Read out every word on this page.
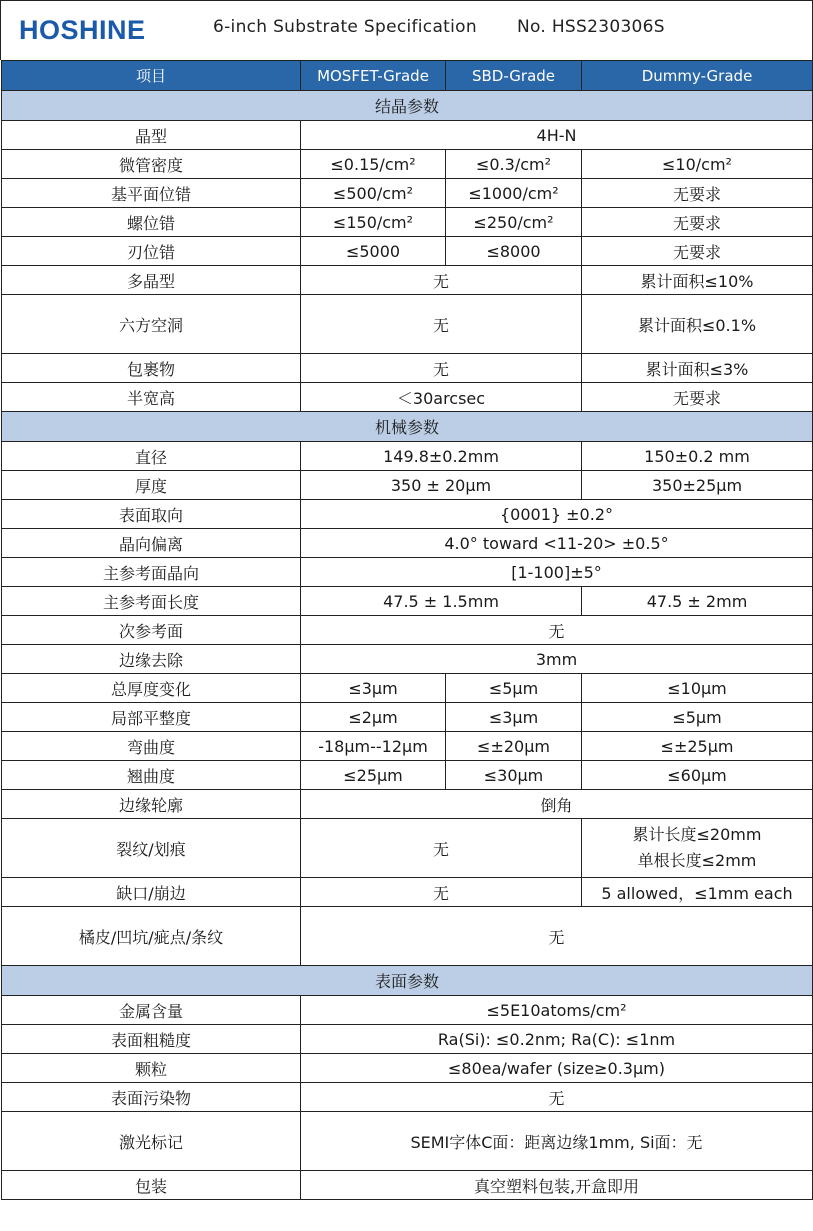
HOSHINE	6-inch Substrate Specification No. HSS230306S
项目	MOSFET-Grade	SBD-Grade	Dummy-Grade
结晶参数			
晶型	4H-N		
微管密度	≤0.15/cm²	≤0.3/cm²	≤10/cm²
基平面位错	≤500/cm²	≤1000/cm²	无要求
螺位错	≤150/cm²	≤250/cm²	无要求
刃位错	≤5000	≤8000	无要求
多晶型	无		累计面积≤10%
六方空洞	无		累计面积≤0.1%
包裹物	无		累计面积≤3%
半宽高	＜30arcsec		无要求
机械参数			
直径	149.8±0.2mm		150±0.2 mm
厚度	350 ± 20μm		350±25μm
表面取向	{0001} ±0.2°		
晶向偏离	4.0° toward <11-20> ±0.5°		
主参考面晶向	[1-100]±5°		
主参考面长度	47.5 ± 1.5mm		47.5 ± 2mm
次参考面	无		
边缘去除	3mm		
总厚度变化	≤3μm	≤5μm	≤10μm
局部平整度	≤2μm	≤3μm	≤5μm
弯曲度	-18μm--12μm	≤±20μm	≤±25μm
翘曲度	≤25μm	≤30μm	≤60μm
边缘轮廓	倒角		
裂纹/划痕	无		累计长度≤20mm
单根长度≤2mm

缺口/崩边	无		5 allowed，≤1mm each
橘皮/凹坑/疵点/条纹	无		
表面参数			
金属含量	≤5E10atoms/cm²		
表面粗糙度	Ra(Si): ≤0.2nm; Ra(C): ≤1nm		
颗粒	≤80ea/wafer (size≥0.3μm)		
表面污染物	无		
激光标记	SEMI字体C面：距离边缘1mm, Si面：无		
包装	真空塑料包装,开盒即用		
